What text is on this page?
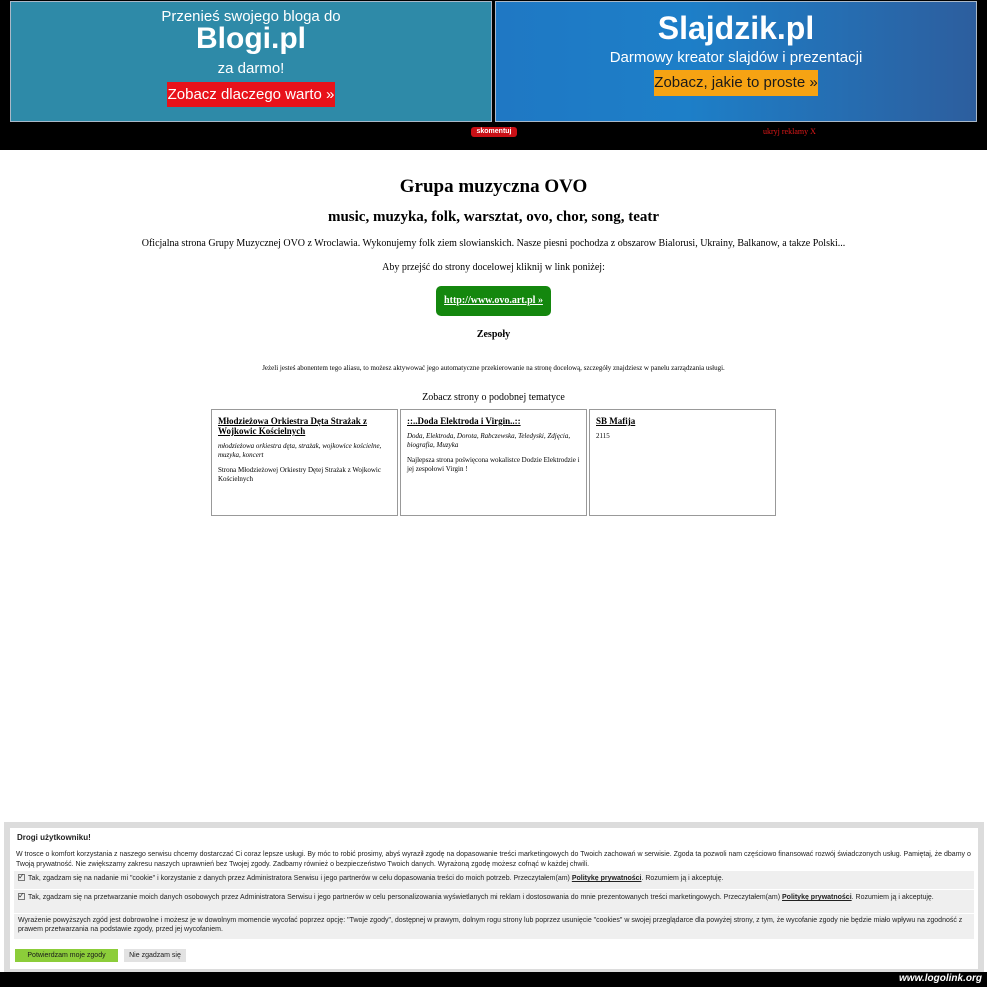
Przenieś swojego bloga do
Blogi.pl
za darmo!
Zobacz dlaczego warto »
Slajdzik.pl
Darmowy kreator slajdów i prezentacji
Zobacz, jakie to proste »
skomentuj	ukryj reklamy X
Grupa muzyczna OVO
music, muzyka, folk, warsztat, ovo, chor, song, teatr
Oficjalna strona Grupy Muzycznej OVO z Wroclawia. Wykonujemy folk ziem slowianskich. Nasze piesni pochodza z obszarow Bialorusi, Ukrainy, Balkanow, a takze Polski...
Aby przejść do strony docelowej kliknij w link poniżej:
http://www.ovo.art.pl »
Zespoły
Jeżeli jesteś abonentem tego aliasu, to możesz aktywować jego automatyczne przekierowanie na stronę docelową, szczegóły znajdziesz w panelu zarządzania usługi.
Zobacz strony o podobnej tematyce
Młodzieżowa Orkiestra Dęta Strażak z Wojkowic Kościelnych
młodzieżowa orkiestra dęta, strażak, wojkowice kościelne, muzyka, koncert
Strona Młodzieżowej Orkiestry Dętej Strażak z Wojkowic Kościelnych
::..Doda Elektroda i Virgin..::
Doda, Elektroda, Dorota, Rabczewska, Teledyski, Zdjęcia, biografia, Muzyka
Najlepsza strona poświęcona wokalistce Dodzie Elektrodzie i jej zespołowi Virgin !
SB Mafija
2115
Drogi użytkowniku!
W trosce o komfort korzystania z naszego serwisu chcemy dostarczać Ci coraz lepsze usługi. By móc to robić prosimy, abyś wyraził zgodę na dopasowanie treści marketingowych do Twoich zachowań w serwisie. Zgoda ta pozwoli nam częściowo finansować rozwój świadczonych usług. Pamiętaj, że dbamy o Twoją prywatność. Nie zwiększamy zakresu naszych uprawnień bez Twojej zgody. Zadbamy również o bezpieczeństwo Twoich danych. Wyrażoną zgodę możesz cofnąć w każdej chwili.
✓Tak, zgadzam się na nadanie mi "cookie" i korzystanie z danych przez Administratora Serwisu i jego partnerów w celu dopasowania treści do moich potrzeb. Przeczytałem(am) Politykę prywatności. Rozumiem ją i akceptuję.
✓Tak, zgadzam się na przetwarzanie moich danych osobowych przez Administratora Serwisu i jego partnerów w celu personalizowania wyświetlanych mi reklam i dostosowania do mnie prezentowanych treści marketingowych. Przeczytałem(am) Politykę prywatności. Rozumiem ją i akceptuję.
Wyrażenie powyższych zgód jest dobrowolne i możesz je w dowolnym momencie wycofać poprzez opcję: "Twoje zgody", dostępnej w prawym, dolnym rogu strony lub poprzez usunięcie "cookies" w swojej przeglądarce dla powyżej strony, z tym, że wycofanie zgody nie będzie miało wpływu na zgodność z prawem przetwarzania na podstawie zgody, przed jej wycofaniem.
Potwierdzam moje zgody	Nie zgadzam się
www.logolink.org
